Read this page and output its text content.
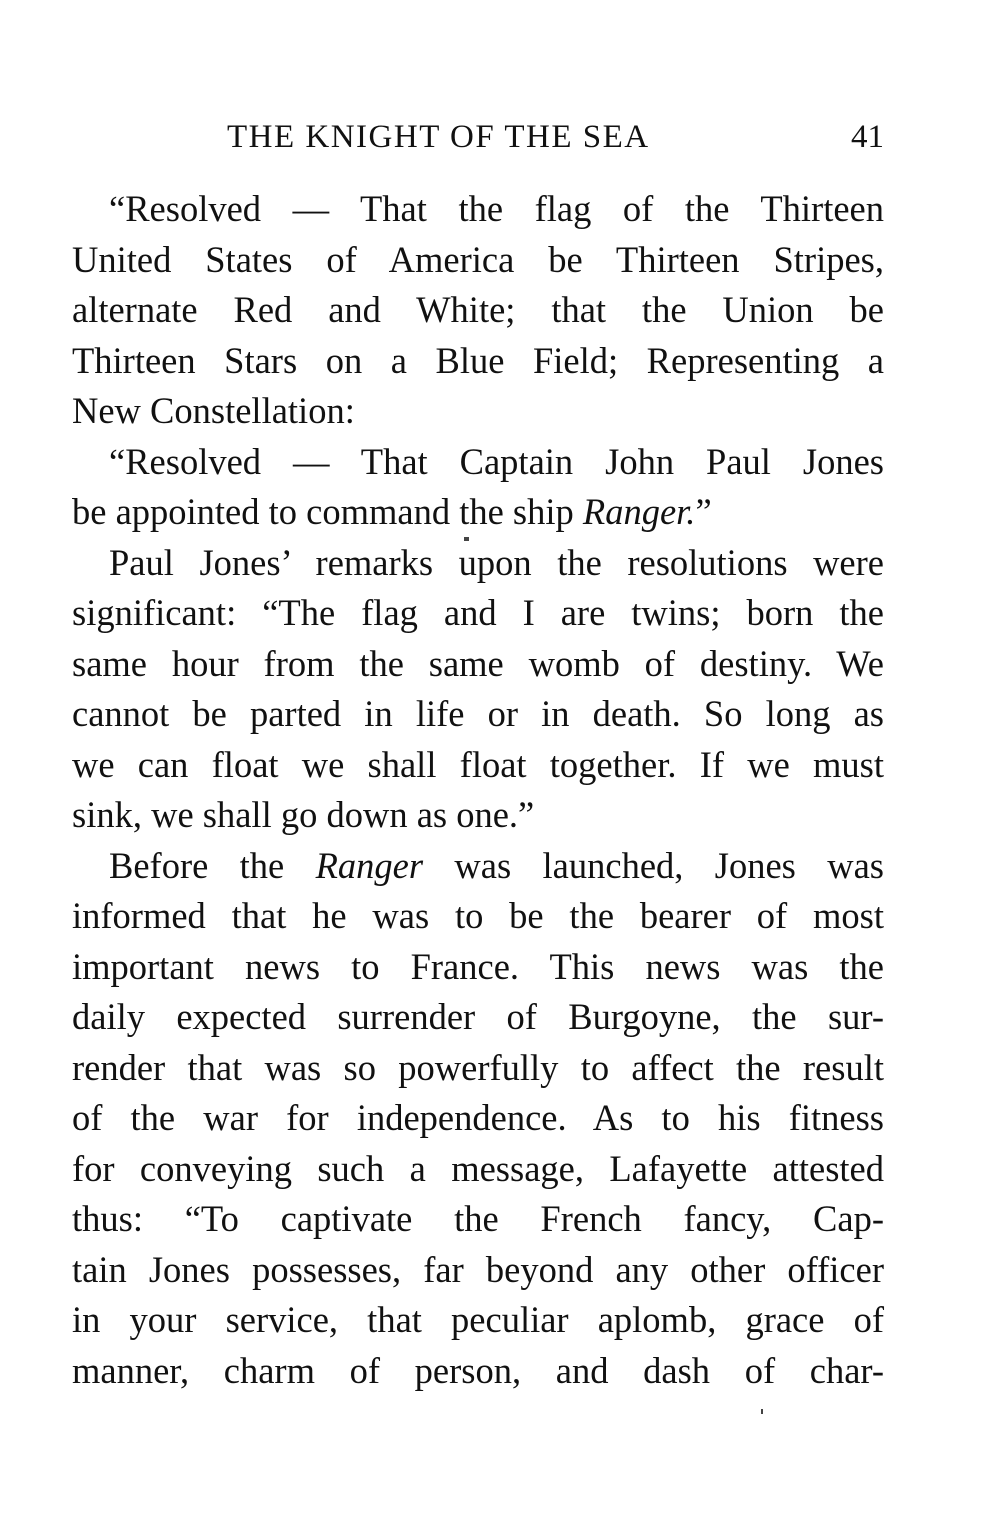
THE KNIGHT OF THE SEA	41
“Resolved — That the flag of the Thirteen
United States of America be Thirteen Stripes,
alternate Red and White; that the Union be
Thirteen Stars on a Blue Field; Representing a
New Constellation:
“Resolved — That Captain John Paul Jones
be appointed to command the ship Ranger.”
Paul Jones’ remarks upon the resolutions were
significant: “The flag and I are twins; born the
same hour from the same womb of destiny. We
cannot be parted in life or in death. So long as
we can float we shall float together. If we must
sink, we shall go down as one.”
Before the Ranger was launched, Jones was
informed that he was to be the bearer of most
important news to France. This news was the
daily expected surrender of Burgoyne, the sur-
render that was so powerfully to affect the result
of the war for independence. As to his fitness
for conveying such a message, Lafayette attested
thus: “To captivate the French fancy, Cap-
tain Jones possesses, far beyond any other officer
in your service, that peculiar aplomb, grace of
manner, charm of person, and dash of char-
